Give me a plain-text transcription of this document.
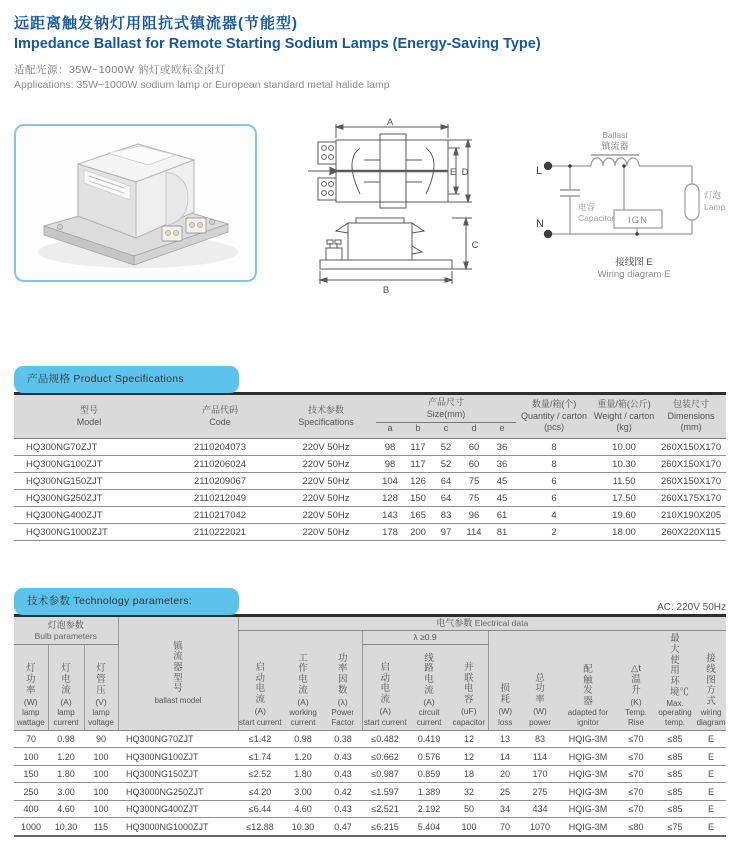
远距离触发钠灯用阻抗式镇流器(节能型)

Impedance Ballast for Remote Starting Sodium Lamps (Energy-Saving Type)

适配光源：35W~1000W 钠灯或欧标金卤灯

Applications: 35W~1000W sodium lamp or European standard metal halide lamp

A
E D
B
C
Ballast
镇流器
L
N
电容
Capacitor IGN
灯泡
Lamp
接线图 E
Wiring diagram E
产品规格 Product Specifications
型号
Model

产品代码
Code

技术参数
Specifications

产品尺寸
Size(mm)

数量/箱(个)
Quantity / carton
(pcs)

重量/箱(公斤)
Weight / carton
(kg)

包装尺寸
Dimensions
(mm)

			a	b	c	d	e			
HQ300NG70ZJT	2110204073	220V 50Hz	98	117	52	60	36	8	10.00	260X150X170
HQ300NG100ZJT	2110206024	220V 50Hz	98	117	52	60	36	8	10.30	260X150X170
HQ300NG150ZJT	2110209067	220V 50Hz	104	126	64	75	45	6	11.50	260X150X170
HQ300NG250ZJT	2110212049	220V 50Hz	128	150	64	75	45	6	17.50	260X175X170
HQ300NG400ZJT	2110217042	220V 50Hz	143	165	83	96	61	4	19.60	210X190X205
HQ300NG1000ZJT	2110222021	220V 50Hz	178	200	97	114	81	2	18.00	260X220X115
技术参数 Technology parameters:
AC: 220V 50Hz
灯泡参数
Bulb parameters
	镇流器型号
ballast model
	电气参数 Electrical data
启动电流
(A)
start current
	工作电流
(A)
working current
	功率因数
(λ)
Power Factor
	λ ≥0.9	损耗
(W)
loss
	总功率
(W)
power
	配触发器
adapted for ignitor
	△t温升
(K)
Temp. Rise
	最大使用环境℃
Max. operating temp.
	接线图方式
wiring diagram

灯功率
(W)
lamp wattage
	灯电流
(A)
lamp current
	灯管压
(V)
lamp voltage
	启动电流
(A)
start current
	线路电流
(A)
circuit current
	并联电容
(uF)
capacitor

70	0.98	90	HQ300NG70ZJT	≤1.42	0.98	0.38	≤0.482	0.419	12	13	83	HQIG-3M	≤70	≤85	E
100	1.20	100	HQ300NG100ZJT	≤1.74	1.20	0.43	≤0.662	0.576	12	14	114	HQIG-3M	≤70	≤85	E
150	1.80	100	HQ300NG150ZJT	≤2.52	1.80	0.43	≤0.987	0.859	18	20	170	HQIG-3M	≤70	≤85	E
250	3.00	100	HQ3000NG250ZJT	≤4.20	3.00	0.42	≤1.597	1.389	32	25	275	HQIG-3M	≤70	≤85	E
400	4.60	100	HQ300NG400ZJT	≤6.44	4.60	0.43	≤2.521	2.192	50	34	434	HQIG-3M	≤70	≤85	E
1000	10.30	115	HQ3000NG1000ZJT	≤12.88	10.30	0.47	≤6.215	5.404	100	70	1070	HQIG-3M	≤80	≤75	E
